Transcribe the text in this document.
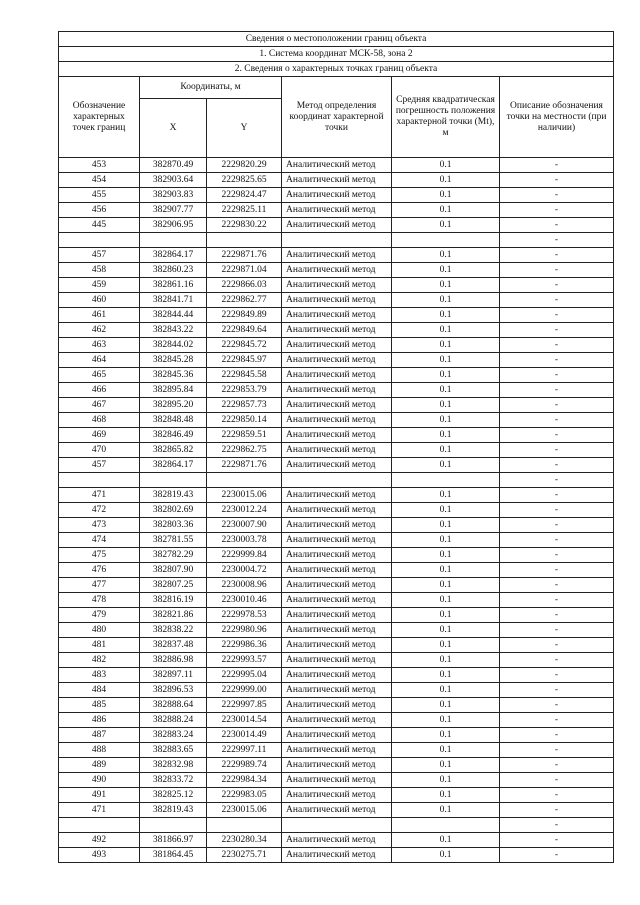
Сведения о местоположении границ объекта					
1. Система координат МСК-58, зона 2					
2. Сведения о характерных точках границ объекта					
Обозначение характерных точек границ	Координаты, м		Метод определения координат характерной точки	Средняя квадратическая погрешность положения характерной точки (Mt), м	Описание обозначения точки на местности (при наличии)
	X	Y			
453	382870.49	2229820.29	Аналитический метод	0.1	-
454	382903.64	2229825.65	Аналитический метод	0.1	-
455	382903.83	2229824.47	Аналитический метод	0.1	-
456	382907.77	2229825.11	Аналитический метод	0.1	-
445	382906.95	2229830.22	Аналитический метод	0.1	-
					-
457	382864.17	2229871.76	Аналитический метод	0.1	-
458	382860.23	2229871.04	Аналитический метод	0.1	-
459	382861.16	2229866.03	Аналитический метод	0.1	-
460	382841.71	2229862.77	Аналитический метод	0.1	-
461	382844.44	2229849.89	Аналитический метод	0.1	-
462	382843.22	2229849.64	Аналитический метод	0.1	-
463	382844.02	2229845.72	Аналитический метод	0.1	-
464	382845.28	2229845.97	Аналитический метод	0.1	-
465	382845.36	2229845.58	Аналитический метод	0.1	-
466	382895.84	2229853.79	Аналитический метод	0.1	-
467	382895.20	2229857.73	Аналитический метод	0.1	-
468	382848.48	2229850.14	Аналитический метод	0.1	-
469	382846.49	2229859.51	Аналитический метод	0.1	-
470	382865.82	2229862.75	Аналитический метод	0.1	-
457	382864.17	2229871.76	Аналитический метод	0.1	-
					-
471	382819.43	2230015.06	Аналитический метод	0.1	-
472	382802.69	2230012.24	Аналитический метод	0.1	-
473	382803.36	2230007.90	Аналитический метод	0.1	-
474	382781.55	2230003.78	Аналитический метод	0.1	-
475	382782.29	2229999.84	Аналитический метод	0.1	-
476	382807.90	2230004.72	Аналитический метод	0.1	-
477	382807.25	2230008.96	Аналитический метод	0.1	-
478	382816.19	2230010.46	Аналитический метод	0.1	-
479	382821.86	2229978.53	Аналитический метод	0.1	-
480	382838.22	2229980.96	Аналитический метод	0.1	-
481	382837.48	2229986.36	Аналитический метод	0.1	-
482	382886.98	2229993.57	Аналитический метод	0.1	-
483	382897.11	2229995.04	Аналитический метод	0.1	-
484	382896.53	2229999.00	Аналитический метод	0.1	-
485	382888.64	2229997.85	Аналитический метод	0.1	-
486	382888.24	2230014.54	Аналитический метод	0.1	-
487	382883.24	2230014.49	Аналитический метод	0.1	-
488	382883.65	2229997.11	Аналитический метод	0.1	-
489	382832.98	2229989.74	Аналитический метод	0.1	-
490	382833.72	2229984.34	Аналитический метод	0.1	-
491	382825.12	2229983.05	Аналитический метод	0.1	-
471	382819.43	2230015.06	Аналитический метод	0.1	-
					-
492	381866.97	2230280.34	Аналитический метод	0.1	-
493	381864.45	2230275.71	Аналитический метод	0.1	-
